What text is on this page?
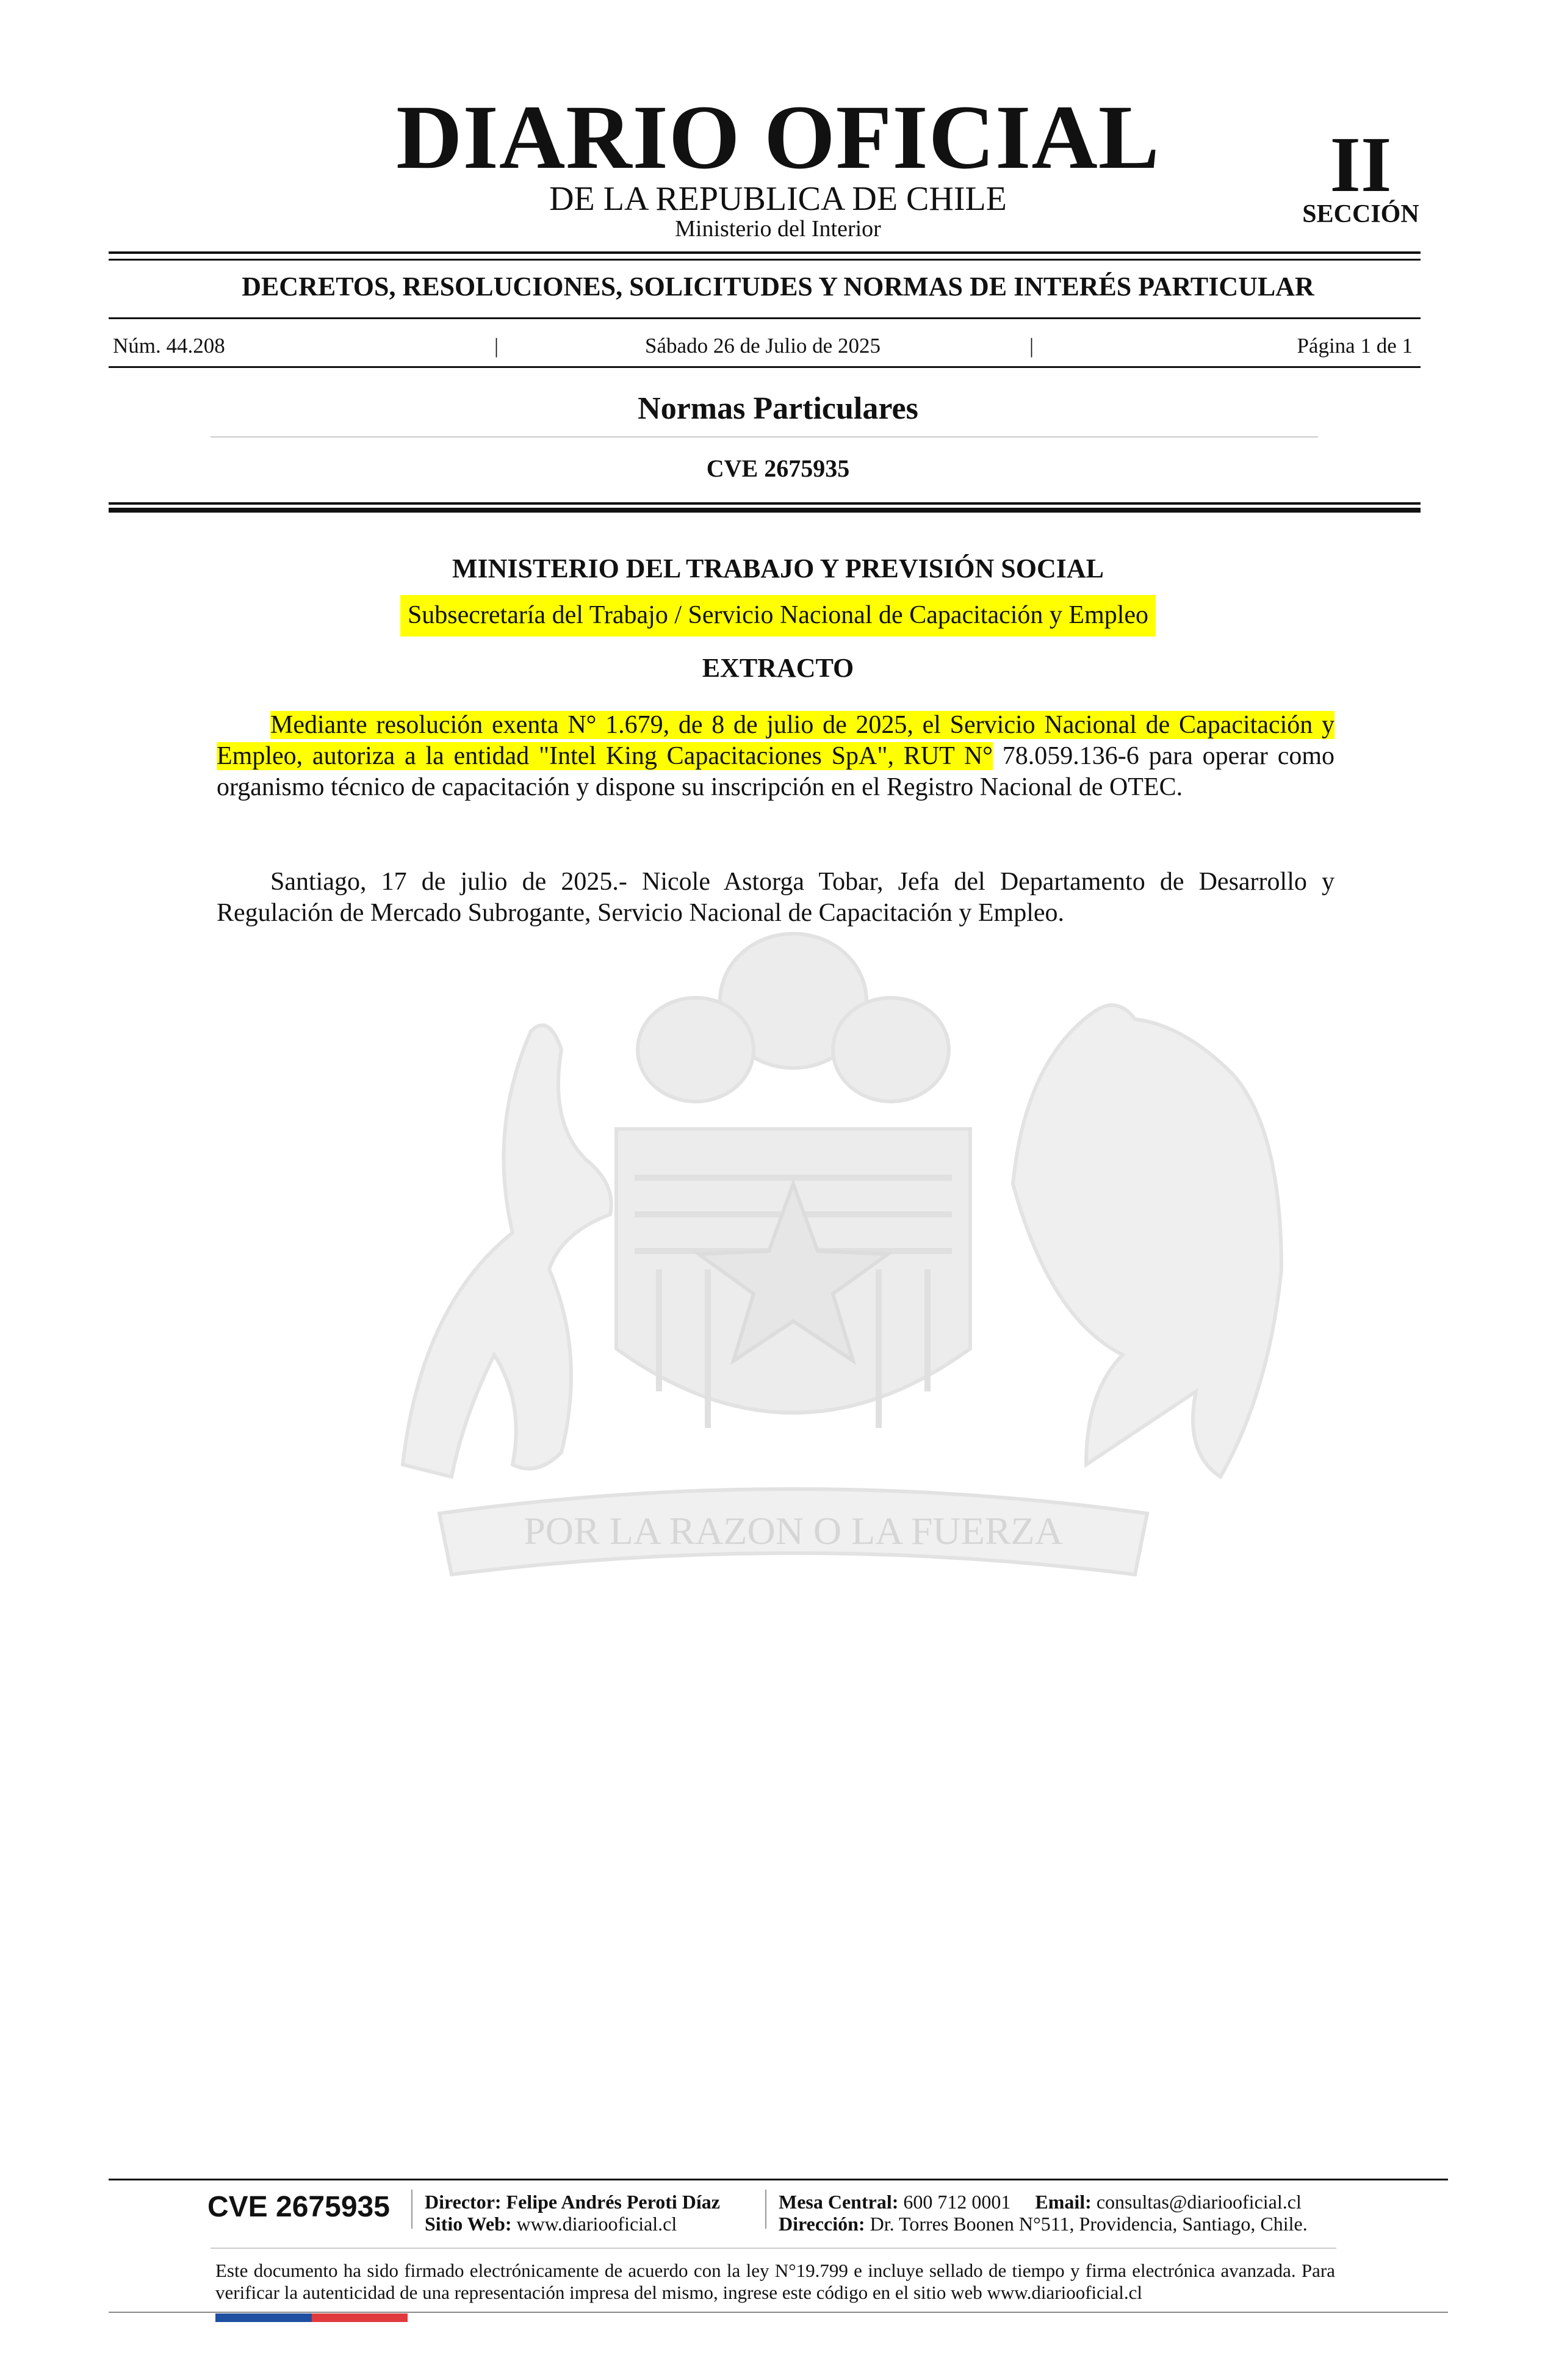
DIARIO OFICIAL
DE LA REPUBLICA DE CHILE
Ministerio del Interior
II
SECCIÓN
DECRETOS, RESOLUCIONES, SOLICITUDES Y NORMAS DE INTERÉS PARTICULAR
Núm. 44.208	|	Sábado 26 de Julio de 2025	|	Página 1 de 1
Normas Particulares
CVE 2675935
POR LA RAZON O LA FUERZA
MINISTERIO DEL TRABAJO Y PREVISIÓN SOCIAL
Subsecretaría del Trabajo / Servicio Nacional de Capacitación y Empleo
EXTRACTO
Mediante resolución exenta N° 1.679, de 8 de julio de 2025, el Servicio Nacional de Capacitación y Empleo, autoriza a la entidad "Intel King Capacitaciones SpA", RUT N° 78.059.136-6 para operar como organismo técnico de capacitación y dispone su inscripción en el Registro Nacional de OTEC.
Santiago, 17 de julio de 2025.- Nicole Astorga Tobar, Jefa del Departamento de Desarrollo y Regulación de Mercado Subrogante, Servicio Nacional de Capacitación y Empleo.
CVE 2675935 Director: Felipe Andrés Peroti Díaz
Sitio Web: www.diariooficial.cl
Mesa Central: 600 712 0001 Email: consultas@diariooficial.cl
Dirección: Dr. Torres Boonen N°511, Providencia, Santiago, Chile.
Este documento ha sido firmado electrónicamente de acuerdo con la ley N°19.799 e incluye sellado de tiempo y firma electrónica avanzada. Para verificar la autenticidad de una representación impresa del mismo, ingrese este código en el sitio web www.diariooficial.cl
